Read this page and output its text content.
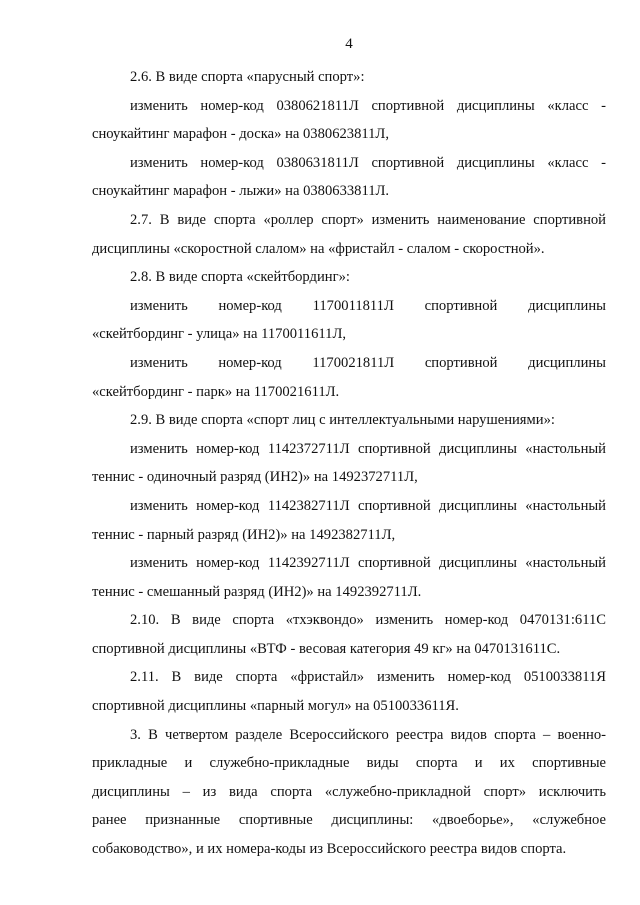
4

2.6. В виде спорта «парусный спорт»:

изменить номер-код 0380621811Л спортивной дисциплины «класс -

сноукайтинг марафон - доска» на 0380623811Л,

изменить номер-код 0380631811Л спортивной дисциплины «класс -

сноукайтинг марафон - лыжи» на 0380633811Л.

2.7. В виде спорта «роллер спорт» изменить наименование спортивной

дисциплины «скоростной слалом» на «фристайл - слалом - скоростной».

2.8. В виде спорта «скейтбординг»:

изменить номер-код 1170011811Л спортивной дисциплины

«скейтбординг - улица» на 1170011611Л,

изменить номер-код 1170021811Л спортивной дисциплины

«скейтбординг - парк» на 1170021611Л.

2.9. В виде спорта «спорт лиц с интеллектуальными нарушениями»:

изменить номер-код 1142372711Л спортивной дисциплины «настольный

теннис - одиночный разряд (ИН2)» на 1492372711Л,

изменить номер-код 1142382711Л спортивной дисциплины «настольный

теннис - парный разряд (ИН2)» на 1492382711Л,

изменить номер-код 1142392711Л спортивной дисциплины «настольный

теннис - смешанный разряд (ИН2)» на 1492392711Л.

2.10. В виде спорта «тхэквондо» изменить номер-код 0470131:611С

спортивной дисциплины «ВТФ - весовая категория 49 кг» на 0470131611С.

2.11. В виде спорта «фристайл» изменить номер-код 0510033811Я

спортивной дисциплины «парный могул» на 0510033611Я.

3. В четвертом разделе Всероссийского реестра видов спорта – военно-

прикладные и служебно-прикладные виды спорта и их спортивные

дисциплины – из вида спорта «служебно-прикладной спорт» исключить

ранее признанные спортивные дисциплины: «двоеборье», «служебное

собаководство», и их номера-коды из Всероссийского реестра видов спорта.
